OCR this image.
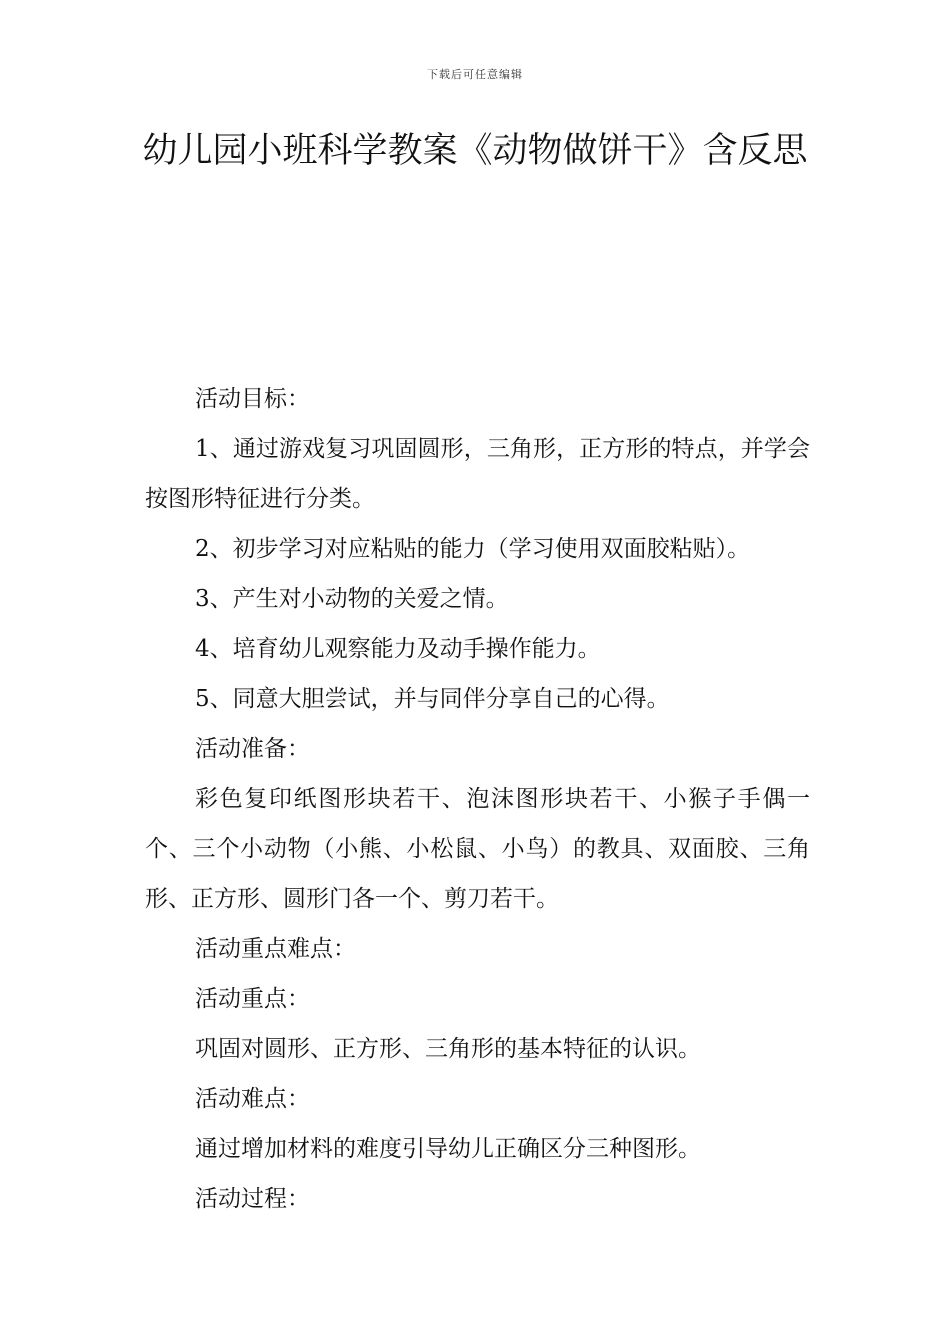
下载后可任意编辑
幼儿园小班科学教案《动物做饼干》含反思

活动目标：

1、通过游戏复习巩固圆形，三角形，正方形的特点，并学会按图形特征进行分类。

2、初步学习对应粘贴的能力（学习使用双面胶粘贴）。

3、产生对小动物的关爱之情。

4、培育幼儿观察能力及动手操作能力。

5、同意大胆尝试，并与同伴分享自己的心得。

活动准备：

彩色复印纸图形块若干、泡沫图形块若干、小猴子手偶一个、三个小动物（小熊、小松鼠、小鸟）的教具、双面胶、三角形、正方形、圆形门各一个、剪刀若干。

活动重点难点：

活动重点：

巩固对圆形、正方形、三角形的基本特征的认识。

活动难点：

通过增加材料的难度引导幼儿正确区分三种图形。

活动过程：
